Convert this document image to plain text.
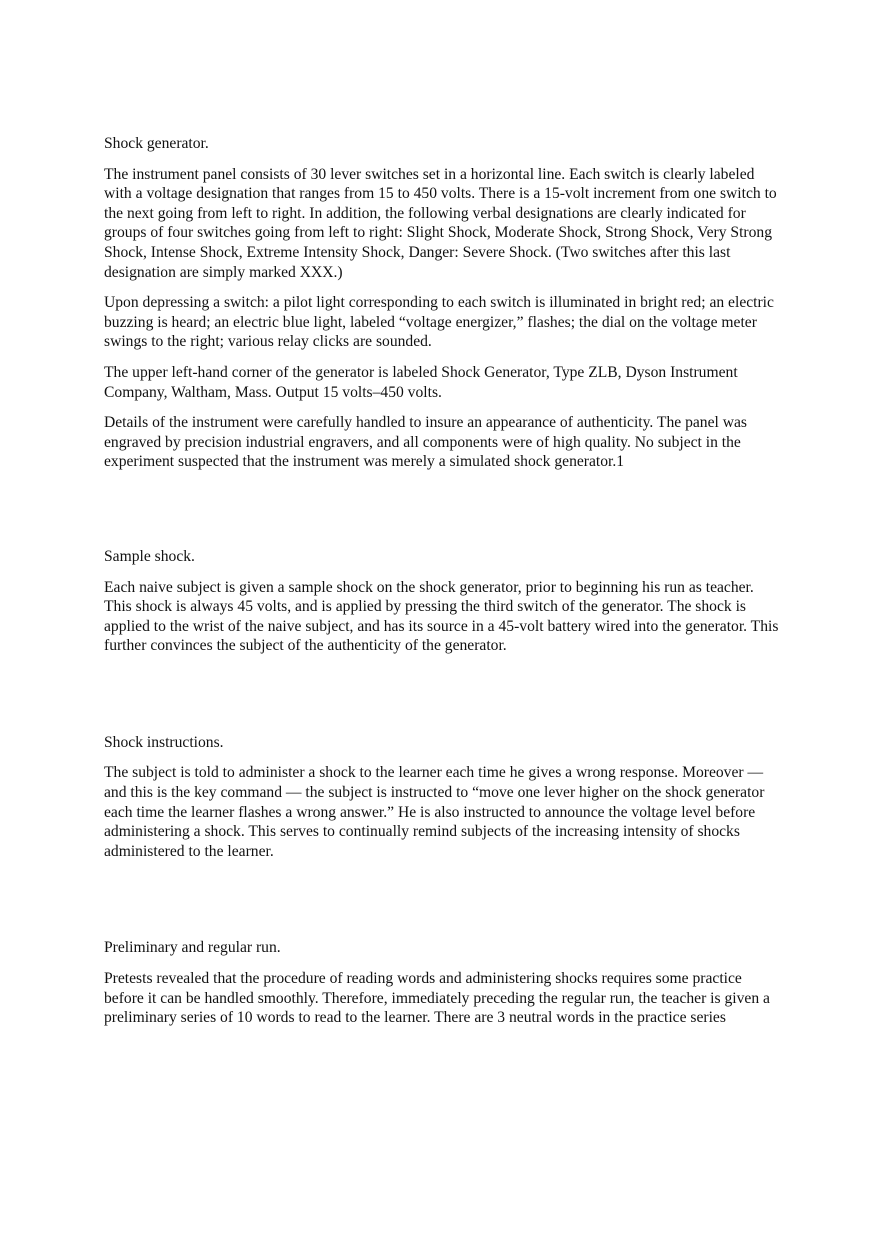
Shock generator.

The instrument panel consists of 30 lever switches set in a horizontal line. Each switch is clearly labeled with a voltage designation that ranges from 15 to 450 volts. There is a 15-volt increment from one switch to the next going from left to right. In addition, the following verbal designations are clearly indicated for groups of four switches going from left to right: Slight Shock, Moderate Shock, Strong Shock, Very Strong Shock, Intense Shock, Extreme Intensity Shock, Danger: Severe Shock. (Two switches after this last designation are simply marked XXX.)

Upon depressing a switch: a pilot light corresponding to each switch is illuminated in bright red; an electric buzzing is heard; an electric blue light, labeled “voltage energizer,” flashes; the dial on the voltage meter swings to the right; various relay clicks are sounded.

The upper left-hand corner of the generator is labeled Shock Generator, Type ZLB, Dyson Instrument Company, Waltham, Mass. Output 15 volts–450 volts.

Details of the instrument were carefully handled to insure an appearance of authenticity. The panel was engraved by precision industrial engravers, and all components were of high quality. No subject in the experiment suspected that the instrument was merely a simulated shock generator.1

Sample shock.

Each naive subject is given a sample shock on the shock generator, prior to beginning his run as teacher. This shock is always 45 volts, and is applied by pressing the third switch of the generator. The shock is applied to the wrist of the naive subject, and has its source in a 45-volt battery wired into the generator. This further convinces the subject of the authenticity of the generator.

Shock instructions.

The subject is told to administer a shock to the learner each time he gives a wrong response. Moreover — and this is the key command — the subject is instructed to “move one lever higher on the shock generator each time the learner flashes a wrong answer.” He is also instructed to announce the voltage level before administering a shock. This serves to continually remind subjects of the increasing intensity of shocks administered to the learner.

Preliminary and regular run.

Pretests revealed that the procedure of reading words and administering shocks requires some practice before it can be handled smoothly. Therefore, immediately preceding the regular run, the teacher is given a preliminary series of 10 words to read to the learner. There are 3 neutral words in the practice series
